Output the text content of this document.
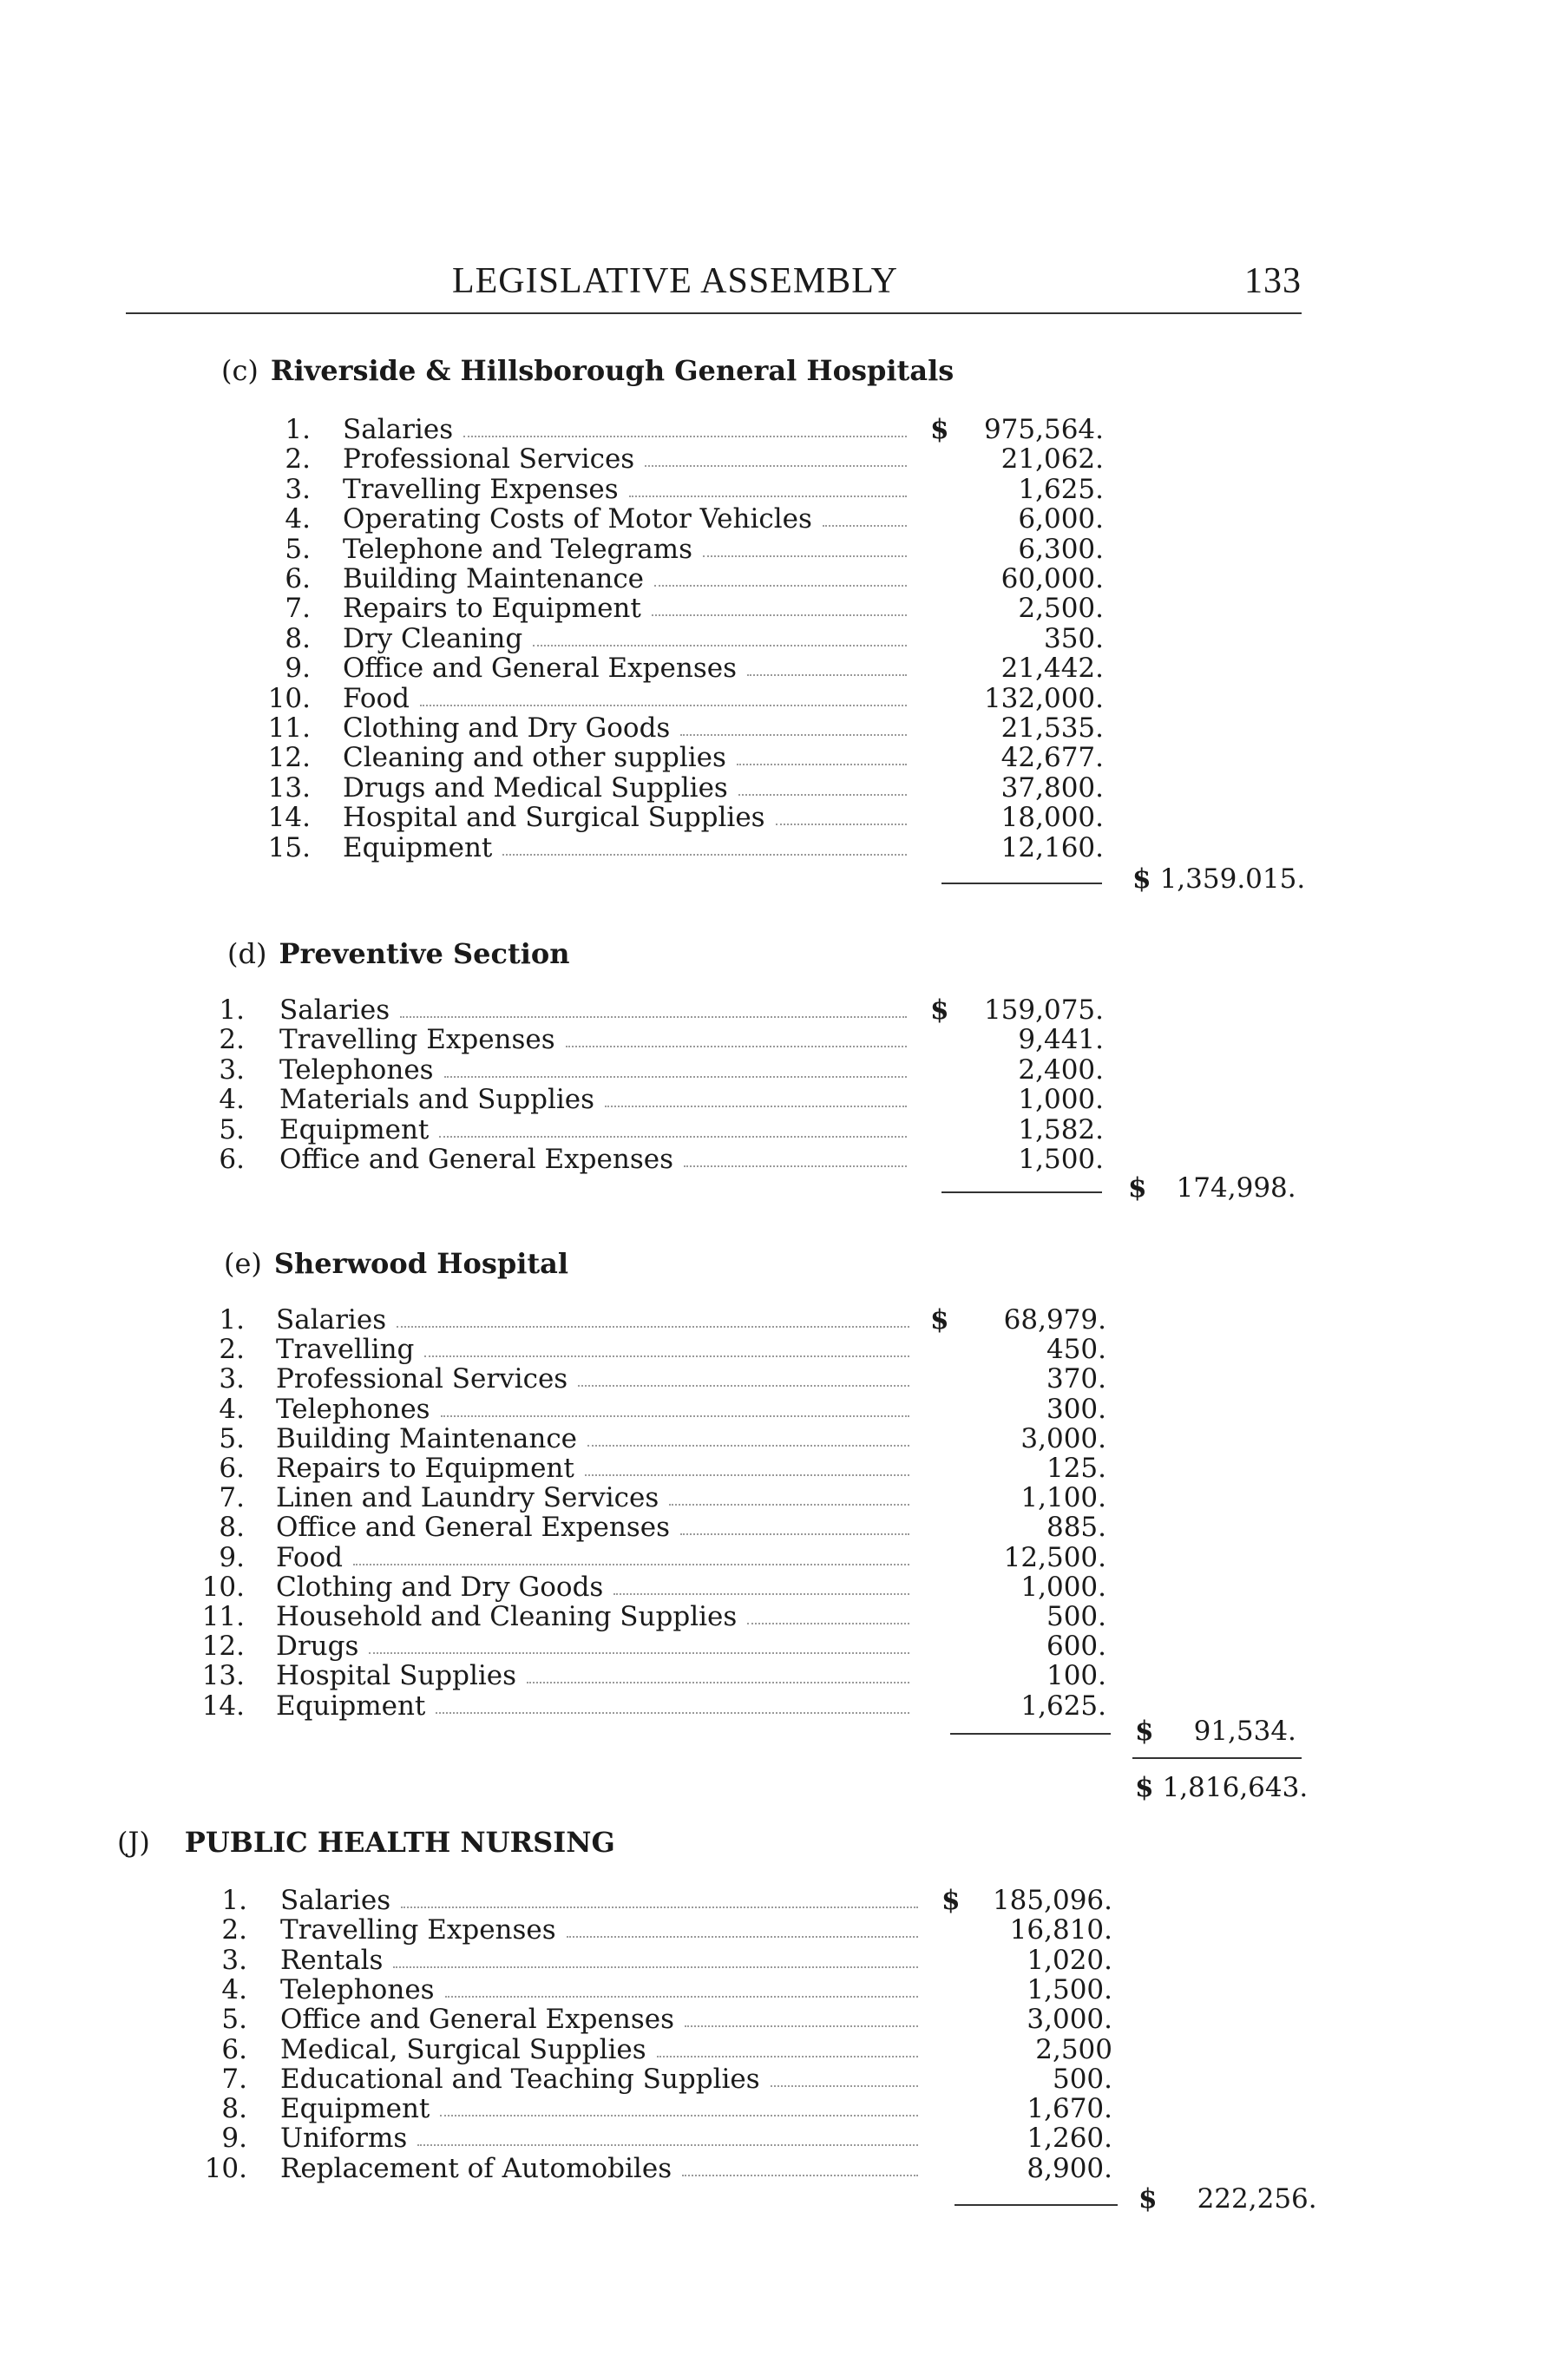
LEGISLATIVE ASSEMBLY	133
(c) Riverside & Hillsborough General Hospitals
1. Salaries	$	975,564.
2. Professional Services	21,062.
3. Travelling Expenses	1,625.
4. Operating Costs of Motor Vehicles	6,000.
5. Telephone and Telegrams	6,300.
6. Building Maintenance	60,000.
7. Repairs to Equipment	2,500.
8. Dry Cleaning	350.
9. Office and General Expenses	21,442.
10. Food	132,000.
11. Clothing and Dry Goods	21,535.
12. Cleaning and other supplies	42,677.
13. Drugs and Medical Supplies	37,800.
14. Hospital and Surgical Supplies	18,000.
15. Equipment	12,160.
$ 1,359.015.
(d) Preventive Section
1. Salaries	$	159,075.
2. Travelling Expenses	9,441.
3. Telephones	2,400.
4. Materials and Supplies	1,000.
5. Equipment	1,582.
6. Office and General Expenses	1,500.
$ 174,998.
(e) Sherwood Hospital
1. Salaries	$	68,979.
2. Travelling	450.
3. Professional Services	370.
4. Telephones	300.
5. Building Maintenance	3,000.
6. Repairs to Equipment	125.
7. Linen and Laundry Services	1,100.
8. Office and General Expenses	885.
9. Food	12,500.
10. Clothing and Dry Goods	1,000.
11. Household and Cleaning Supplies	500.
12. Drugs	600.
13. Hospital Supplies	100.
14. Equipment	1,625.
$ 91,534.
$ 1,816,643.
(J) PUBLIC HEALTH NURSING
1. Salaries	$	185,096.
2. Travelling Expenses	16,810.
3. Rentals	1,020.
4. Telephones	1,500.
5. Office and General Expenses	3,000.
6. Medical, Surgical Supplies	2,500
7. Educational and Teaching Supplies	500.
8. Equipment	1,670.
9. Uniforms	1,260.
10. Replacement of Automobiles	8,900.
$ 222,256.
